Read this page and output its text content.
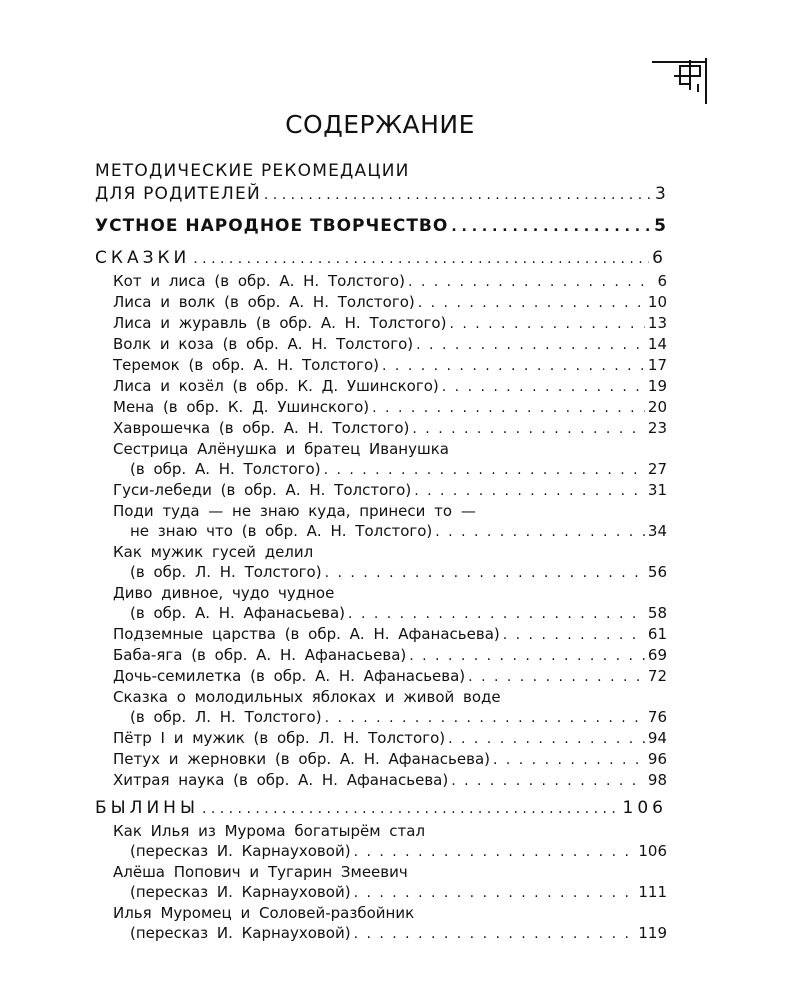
СОДЕРЖАНИЕ
МЕТОДИЧЕСКИЕ РЕКОМЕДАЦИИ
ДЛЯ РОДИТЕЛЕЙ . . .	3
УСТНОЕ НАРОДНОЕ ТВОРЧЕСТВО . . .	5
СКАЗКИ . . .	6
Кот и лиса (в обр. А. Н. Толстого) . . .	6
Лиса и волк (в обр. А. Н. Толстого) . . .	10
Лиса и журавль (в обр. А. Н. Толстого) . . .	13
Волк и коза (в обр. А. Н. Толстого) . . .	14
Теремок (в обр. А. Н. Толстого) . . .	17
Лиса и козёл (в обр. К. Д. Ушинского) . . .	19
Мена (в обр. К. Д. Ушинского) . . .	20
Хаврошечка (в обр. А. Н. Толстого) . . .	23
Сестрица Алёнушка и братец Иванушка
(в обр. А. Н. Толстого) . . .	27
Гуси-лебеди (в обр. А. Н. Толстого) . . .	31
Поди туда — не знаю куда, принеси то —
не знаю что (в обр. А. Н. Толстого) . . .	34
Как мужик гусей делил
(в обр. Л. Н. Толстого) . . .	56
Диво дивное, чудо чудное
(в обр. А. Н. Афанасьева) . . .	58
Подземные царства (в обр. А. Н. Афанасьева) . . .	61
Баба-яга (в обр. А. Н. Афанасьева) . . .	69
Дочь-семилетка (в обр. А. Н. Афанасьева) . . .	72
Сказка о молодильных яблоках и живой воде
(в обр. Л. Н. Толстого) . . .	76
Пётр I и мужик (в обр. Л. Н. Толстого) . . .	94
Петух и жерновки (в обр. А. Н. Афанасьева) . . .	96
Хитрая наука (в обр. А. Н. Афанасьева) . . .	98
БЫЛИНЫ . . .	106
Как Илья из Мурома богатырём стал
(пересказ И. Карнауховой) . . .	106
Алёша Попович и Тугарин Змеевич
(пересказ И. Карнауховой) . . .	111
Илья Муромец и Соловей-разбойник
(пересказ И. Карнауховой) . . .	119
